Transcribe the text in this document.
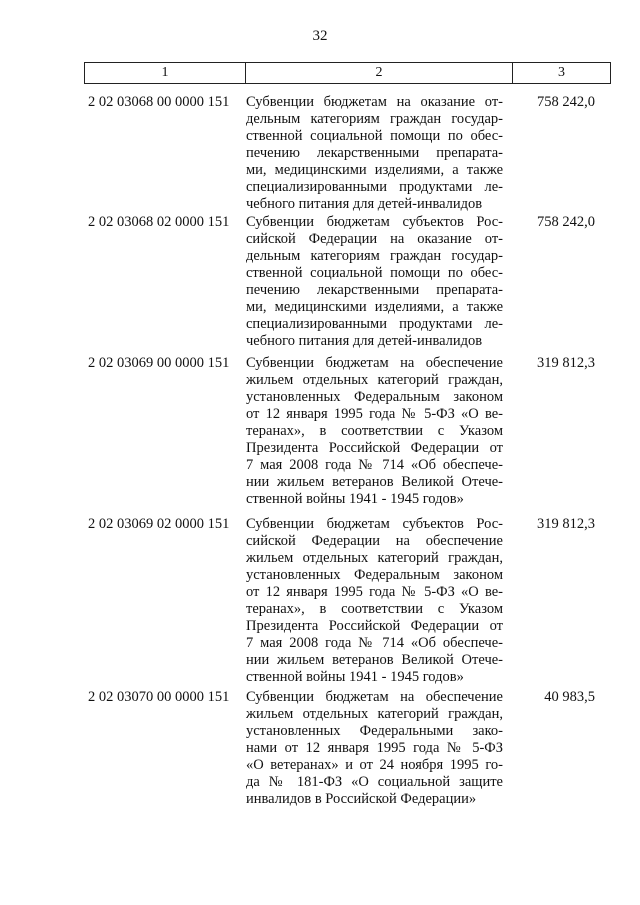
32
1	2	3
2 02 03068 00 0000 151 Субвенции бюджетам на оказание от-
дельным категориям граждан государ-
ственной социальной помощи по обес-
печению лекарственными препарата-
ми, медицинскими изделиями, а также
специализированными продуктами ле-
чебного питания для детей-инвалидов
758 242,0
2 02 03068 02 0000 151 Субвенции бюджетам субъектов Рос-
сийской Федерации на оказание от-
дельным категориям граждан государ-
ственной социальной помощи по обес-
печению лекарственными препарата-
ми, медицинскими изделиями, а также
специализированными продуктами ле-
чебного питания для детей-инвалидов
758 242,0
2 02 03069 00 0000 151 Субвенции бюджетам на обеспечение
жильем отдельных категорий граждан,
установленных Федеральным законом
от 12 января 1995 года № 5-ФЗ «О ве-
теранах», в соответствии с Указом
Президента Российской Федерации от
7 мая 2008 года № 714 «Об обеспече-
нии жильем ветеранов Великой Отече-
ственной войны 1941 - 1945 годов»
319 812,3
2 02 03069 02 0000 151 Субвенции бюджетам субъектов Рос-
сийской Федерации на обеспечение
жильем отдельных категорий граждан,
установленных Федеральным законом
от 12 января 1995 года № 5-ФЗ «О ве-
теранах», в соответствии с Указом
Президента Российской Федерации от
7 мая 2008 года № 714 «Об обеспече-
нии жильем ветеранов Великой Отече-
ственной войны 1941 - 1945 годов»
319 812,3
2 02 03070 00 0000 151 Субвенции бюджетам на обеспечение
жильем отдельных категорий граждан,
установленных Федеральными зако-
нами от 12 января 1995 года № 5-ФЗ
«О ветеранах» и от 24 ноября 1995 го-
да № 181-ФЗ «О социальной защите
инвалидов в Российской Федерации»
40 983,5
